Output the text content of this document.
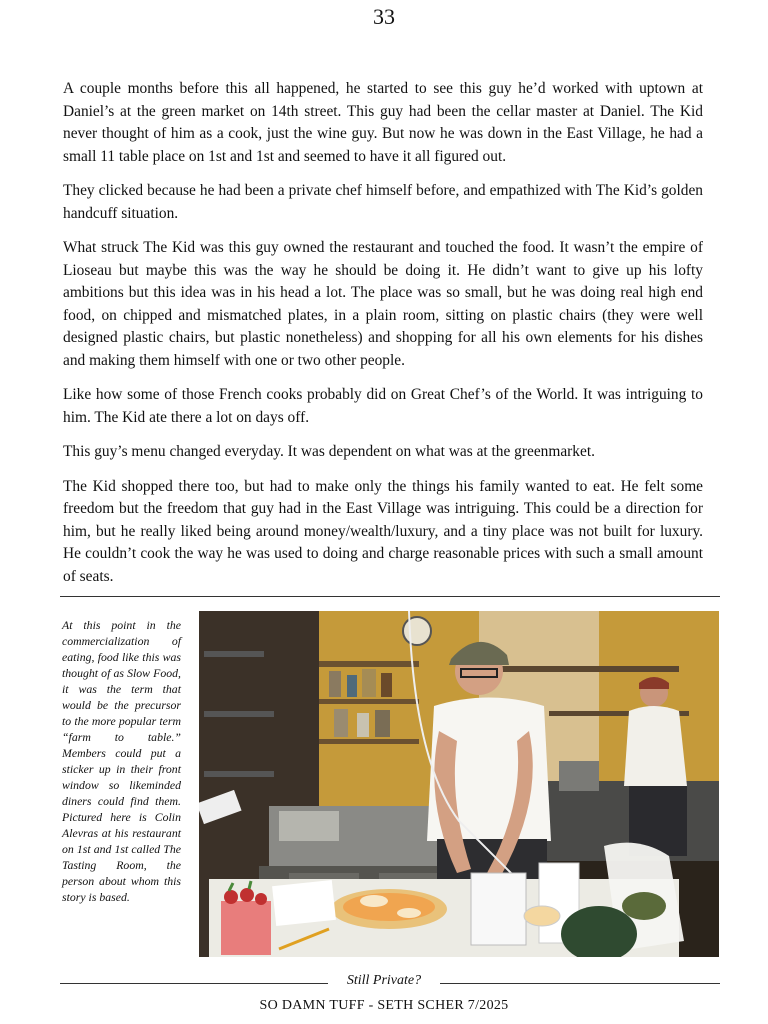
33

A couple months before this all happened, he started to see this guy he’d worked with uptown at Daniel’s at the green market on 14th street. This guy had been the cellar master at Daniel. The Kid never thought of him as a cook, just the wine guy. But now he was down in the East Village, he had a small 11 table place on 1st and 1st and seemed to have it all figured out.

They clicked because he had been a private chef himself before, and empathized with The Kid’s golden handcuff situation.

What struck The Kid was this guy owned the restaurant and touched the food. It wasn’t the empire of Lioseau but maybe this was the way he should be doing it. He didn’t want to give up his lofty ambitions but this idea was in his head a lot. The place was so small, but he was doing real high end food, on chipped and mismatched plates, in a plain room, sitting on plastic chairs (they were well designed plastic chairs, but plastic nonetheless) and shopping for all his own elements for his dishes and making them himself with one or two other people.

Like how some of those French cooks probably did on Great Chef’s of the World. It was intriguing to him. The Kid ate there a lot on days off.

This guy’s menu changed everyday. It was dependent on what was at the greenmarket.

The Kid shopped there too, but had to make only the things his family wanted to eat. He felt some freedom but the freedom that guy had in the East Village was intriguing. This could be a direction for him, but he really liked being around money/wealth/luxury, and a tiny place was not built for luxury. He couldn’t cook the way he was used to doing and charge reasonable prices with such a small amount of seats.

At this point in the commercialization of eating, food like this was thought of as Slow Food, it was the term that would be the precursor to the more popular term “farm to table.” Members could put a sticker up in their front window so likeminded diners could find them. Pictured here is Colin Alevras at his restaurant on 1st and 1st called The Tasting Room, the person about whom this story is based.
Still Private?
SO DAMN TUFF - SETH SCHER 7/2025
